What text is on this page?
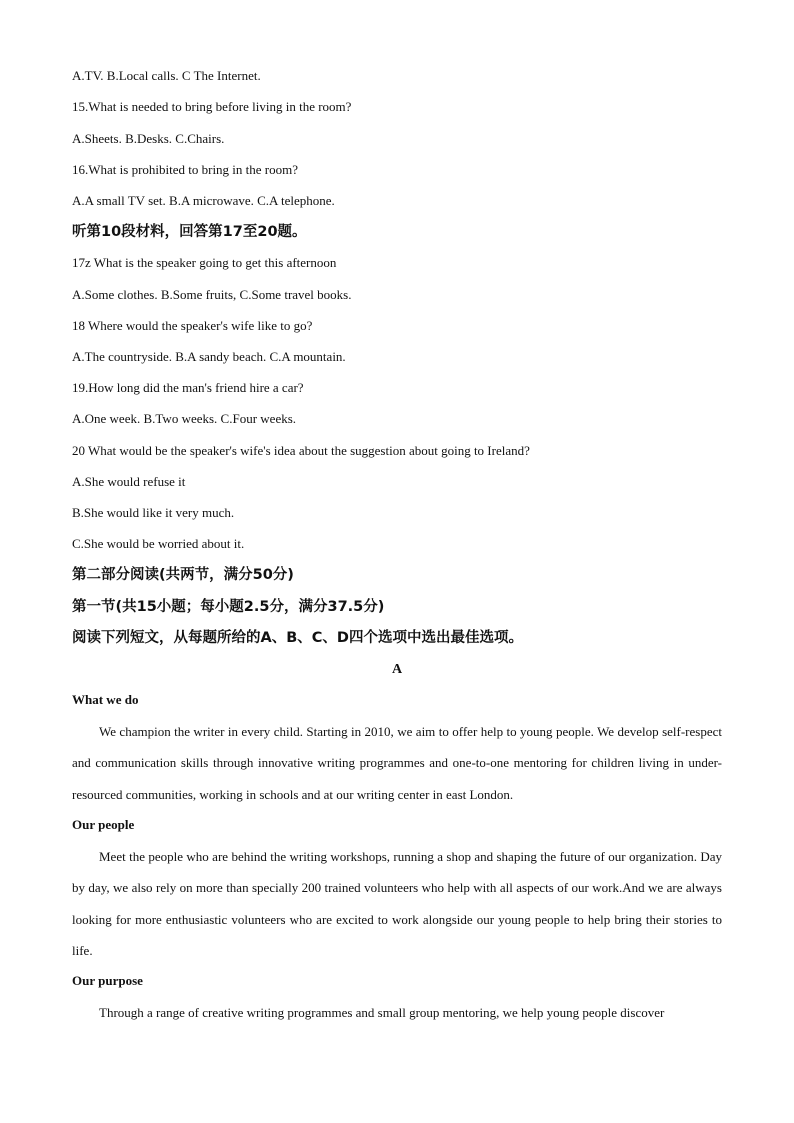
A.TV. B.Local calls. C The Internet.
15.What is needed to bring before living in the room?
A.Sheets. B.Desks. C.Chairs.
16.What is prohibited to bring in the room?
A.A small TV set. B.A microwave. C.A telephone.
听第10段材料，回答第17至20题。
17z What is the speaker going to get this afternoon
A.Some clothes. B.Some fruits, C.Some travel books.
18 Where would the speaker's wife like to go?
A.The countryside. B.A sandy beach. C.A mountain.
19.How long did the man's friend hire a car?
A.One week. B.Two weeks. C.Four weeks.
20 What would be the speaker's wife's idea about the suggestion about going to Ireland?
A.She would refuse it
B.She would like it very much.
C.She would be worried about it.
第二部分阅读(共两节，满分50分)
第一节(共15小题；每小题2.5分，满分37.5分)
阅读下列短文，从每题所给的A、B、C、D四个选项中选出最佳选项。
A
What we do
We champion the writer in every child. Starting in 2010, we aim to offer help to young people. We develop self-respect and communication skills through innovative writing programmes and one-to-one mentoring for children living in under-resourced communities, working in schools and at our writing center in east London.
Our people
Meet the people who are behind the writing workshops, running a shop and shaping the future of our organization. Day by day, we also rely on more than specially 200 trained volunteers who help with all aspects of our work.And we are always looking for more enthusiastic volunteers who are excited to work alongside our young people to help bring their stories to life.
Our purpose
Through a range of creative writing programmes and small group mentoring, we help young people discover
